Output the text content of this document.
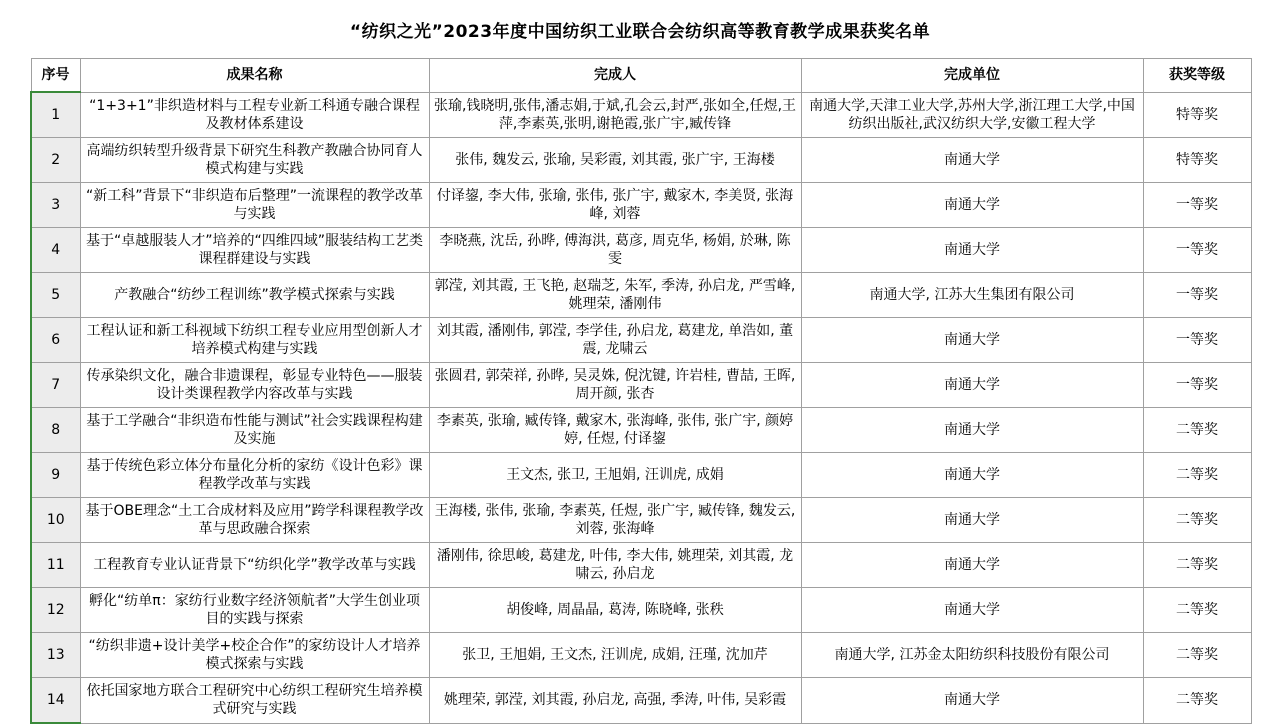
“纺织之光”2023年度中国纺织工业联合会纺织高等教育教学成果获奖名单
序号	成果名称	完成人	完成单位	获奖等级
1	“1+3+1”非织造材料与工程专业新工科通专融合课程及教材体系建设	张瑜,钱晓明,张伟,潘志娟,于斌,孔会云,封严,张如全,任煜,王萍,李素英,张明,谢艳霞,张广宇,臧传锋	南通大学,天津工业大学,苏州大学,浙江理工大学,中国纺织出版社,武汉纺织大学,安徽工程大学	特等奖
2	高端纺织转型升级背景下研究生科教产教融合协同育人模式构建与实践	张伟, 魏发云, 张瑜, 吴彩霞, 刘其霞, 张广宇, 王海楼	南通大学	特等奖
3	“新工科”背景下“非织造布后整理”一流课程的教学改革与实践	付译鋆, 李大伟, 张瑜, 张伟, 张广宇, 戴家木, 李美贤, 张海峰, 刘蓉	南通大学	一等奖
4	基于“卓越服装人才”培养的“四维四域”服装结构工艺类课程群建设与实践	李晓燕, 沈岳, 孙晔, 傅海洪, 葛彦, 周克华, 杨娟, 於琳, 陈雯	南通大学	一等奖
5	产教融合“纺纱工程训练”教学模式探索与实践	郭滢, 刘其霞, 王飞艳, 赵瑞芝, 朱军, 季涛, 孙启龙, 严雪峰, 姚理荣, 潘刚伟	南通大学, 江苏大生集团有限公司	一等奖
6	工程认证和新工科视域下纺织工程专业应用型创新人才培养模式构建与实践	刘其霞, 潘刚伟, 郭滢, 李学佳, 孙启龙, 葛建龙, 单浩如, 董震, 龙啸云	南通大学	一等奖
7	传承染织文化，融合非遗课程，彰显专业特色——服装设计类课程教学内容改革与实践	张圆君, 郭荣祥, 孙晔, 吴灵姝, 倪沈键, 许岩桂, 曹喆, 王晖, 周开颜, 张杏	南通大学	一等奖
8	基于工学融合“非织造布性能与测试”社会实践课程构建及实施	李素英, 张瑜, 臧传锋, 戴家木, 张海峰, 张伟, 张广宇, 颜婷婷, 任煜, 付译鋆	南通大学	二等奖
9	基于传统色彩立体分布量化分析的家纺《设计色彩》课程教学改革与实践	王文杰, 张卫, 王旭娟, 汪训虎, 成娟	南通大学	二等奖
10	基于OBE理念“土工合成材料及应用”跨学科课程教学改革与思政融合探索	王海楼, 张伟, 张瑜, 李素英, 任煜, 张广宇, 臧传锋, 魏发云, 刘蓉, 张海峰	南通大学	二等奖
11	工程教育专业认证背景下“纺织化学”教学改革与实践	潘刚伟, 徐思峻, 葛建龙, 叶伟, 李大伟, 姚理荣, 刘其霞, 龙啸云, 孙启龙	南通大学	二等奖
12	孵化“纺单π：家纺行业数字经济领航者”大学生创业项目的实践与探索	胡俊峰, 周晶晶, 葛涛, 陈晓峰, 张秩	南通大学	二等奖
13	“纺织非遗+设计美学+校企合作”的家纺设计人才培养模式探索与实践	张卫, 王旭娟, 王文杰, 汪训虎, 成娟, 汪瑾, 沈加芹	南通大学, 江苏金太阳纺织科技股份有限公司	二等奖
14	依托国家地方联合工程研究中心纺织工程研究生培养模式研究与实践	姚理荣, 郭滢, 刘其霞, 孙启龙, 高强, 季涛, 叶伟, 吴彩霞	南通大学	二等奖
